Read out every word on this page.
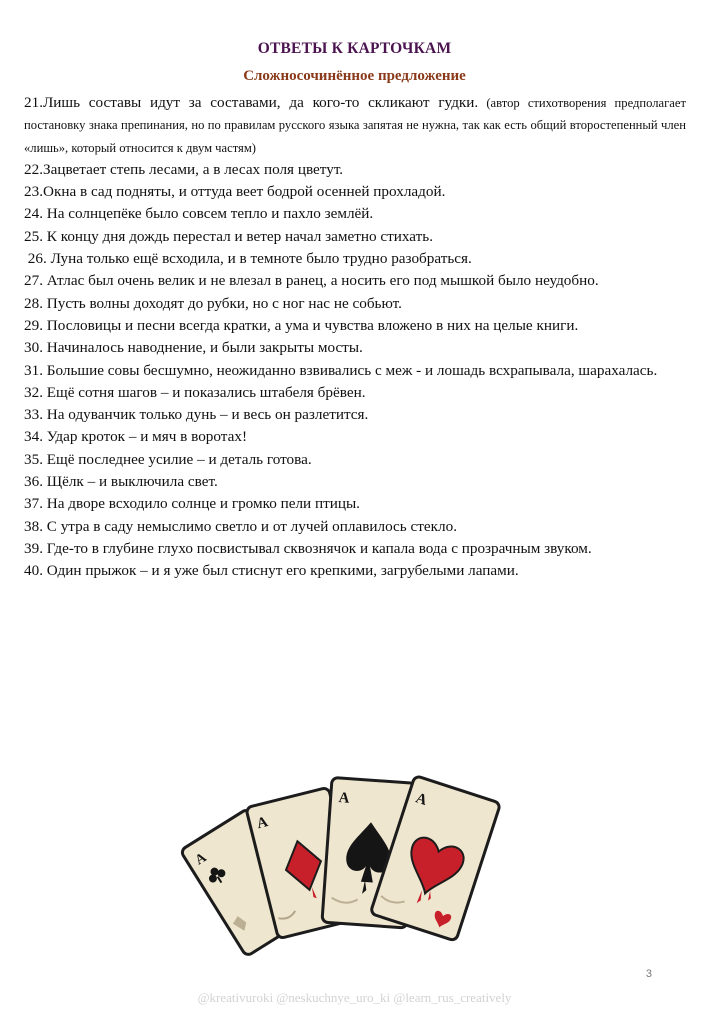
ОТВЕТЫ К КАРТОЧКАМ
Сложносочинённое предложение

21.Лишь составы идут за составами, да кого-то скликают гудки. (автор стихотворения предполагает постановку знака препинания, но по правилам русского языка запятая не нужна, так как есть общий второстепенный член «лишь», который относится к двум частям)

22.Зацветает степь лесами, а в лесах поля цветут.

23.Окна в сад подняты, и оттуда веет бодрой осенней прохладой.

24. На солнцепёке было совсем тепло и пахло землёй.

25. К концу дня дождь перестал и ветер начал заметно стихать.

26. Луна только ещё всходила, и в темноте было трудно разобраться.

27. Атлас был очень велик и не влезал в ранец, а носить его под мышкой было неудобно.

28. Пусть волны доходят до рубки, но с ног нас не собьют.

29. Пословицы и песни всегда кратки, а ума и чувства вложено в них на целые книги.

30. Начиналось наводнение, и были закрыты мосты.

31. Большие совы бесшумно, неожиданно взвивались с меж - и лошадь всхрапывала, шарахалась.

32. Ещё сотня шагов – и показались штабеля брёвен.

33. На одуванчик только дунь – и весь он разлетится.

34. Удар кроток – и мяч в воротах!

35. Ещё последнее усилие – и деталь готова.

36. Щёлк – и выключила свет.

37. На дворе всходило солнце и громко пели птицы.

38. С утра в саду немыслимо светло и от лучей оплавилось стекло.

39. Где-то в глубине глухо посвистывал сквознячок и капала вода с прозрачным звуком.

40. Один прыжок – и я уже был стиснут его крепкими, загрубелыми лапами.

A
A
A	A
3
@kreativuroki @neskuchnye_uro_ki @learn_rus_creatively
